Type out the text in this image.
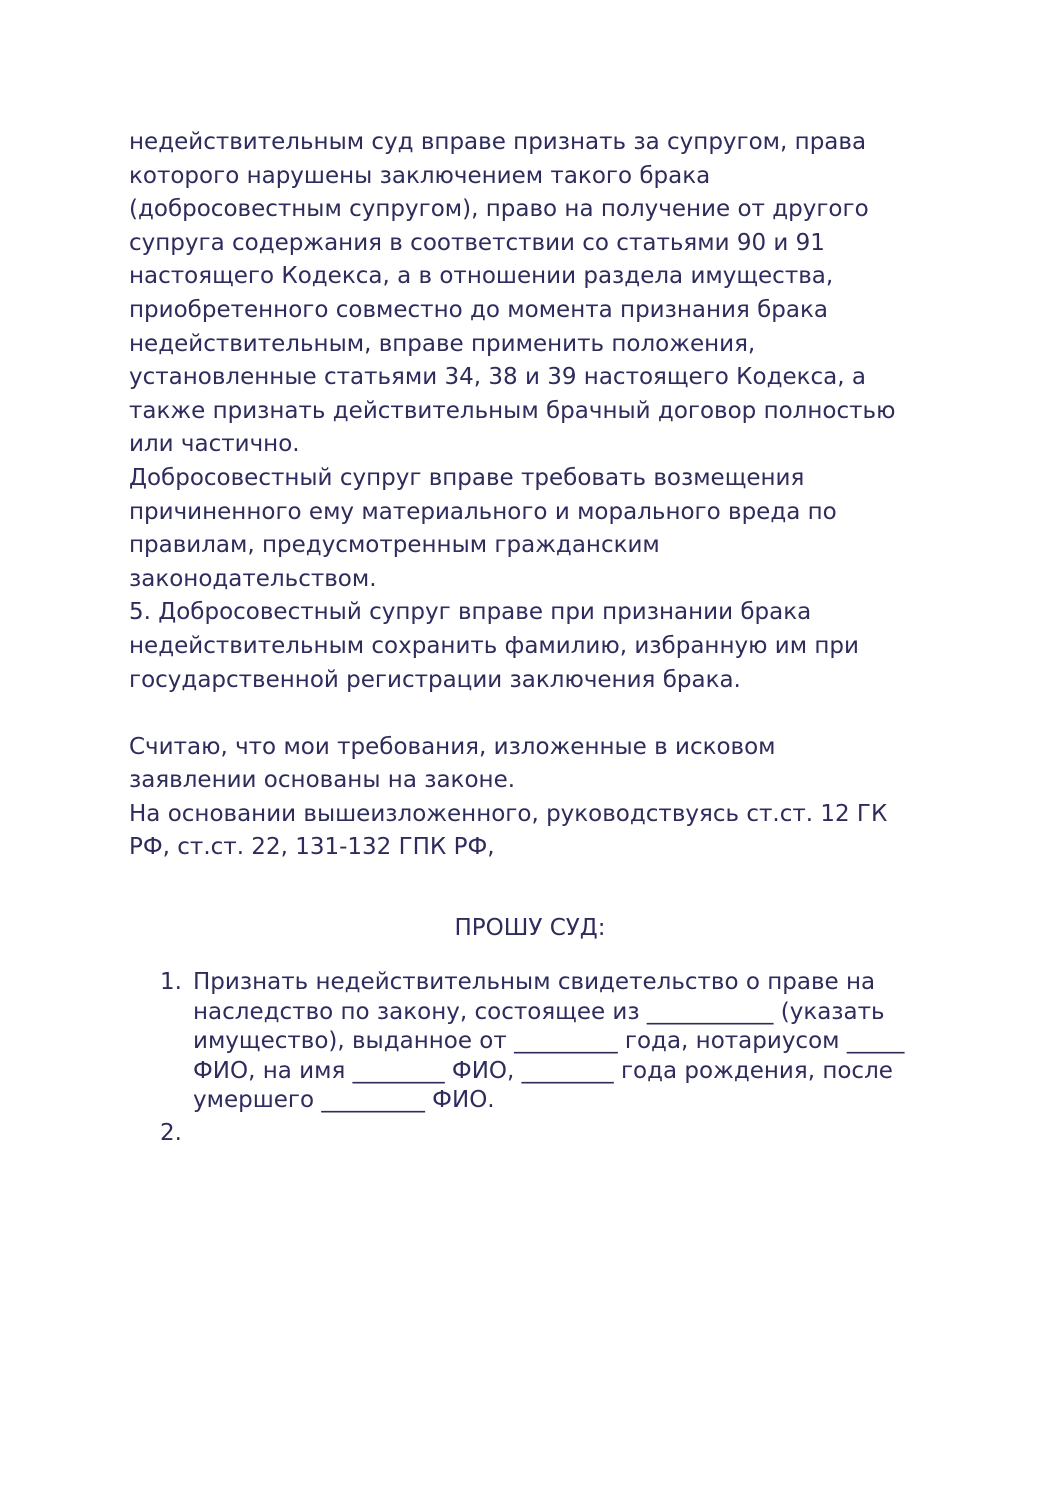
недействительным суд вправе признать за супругом, права
которого нарушены заключением такого брака
(добросовестным супругом), право на получение от другого
супруга содержания в соответствии со статьями 90 и 91
настоящего Кодекса, а в отношении раздела имущества,
приобретенного совместно до момента признания брака
недействительным, вправе применить положения,
установленные статьями 34, 38 и 39 настоящего Кодекса, а
также признать действительным брачный договор полностью
или частично.

Добросовестный супруг вправе требовать возмещения
причиненного ему материального и морального вреда по
правилам, предусмотренным гражданским
законодательством.

5. Добросовестный супруг вправе при признании брака
недействительным сохранить фамилию, избранную им при
государственной регистрации заключения брака.

Считаю, что мои требования, изложенные в исковом
заявлении основаны на законе.

На основании вышеизложенного, руководствуясь ст.ст. 12 ГК
РФ, ст.ст. 22, 131-132 ГПК РФ,

ПРОШУ СУД:
1. Признать недействительным свидетельство о праве на
наследство по закону, состоящее из ___________ (указать
имущество), выданное от _________ года, нотариусом _____
ФИО, на имя ________ ФИО, ________ года рождения, после
умершего _________ ФИО.
2.
